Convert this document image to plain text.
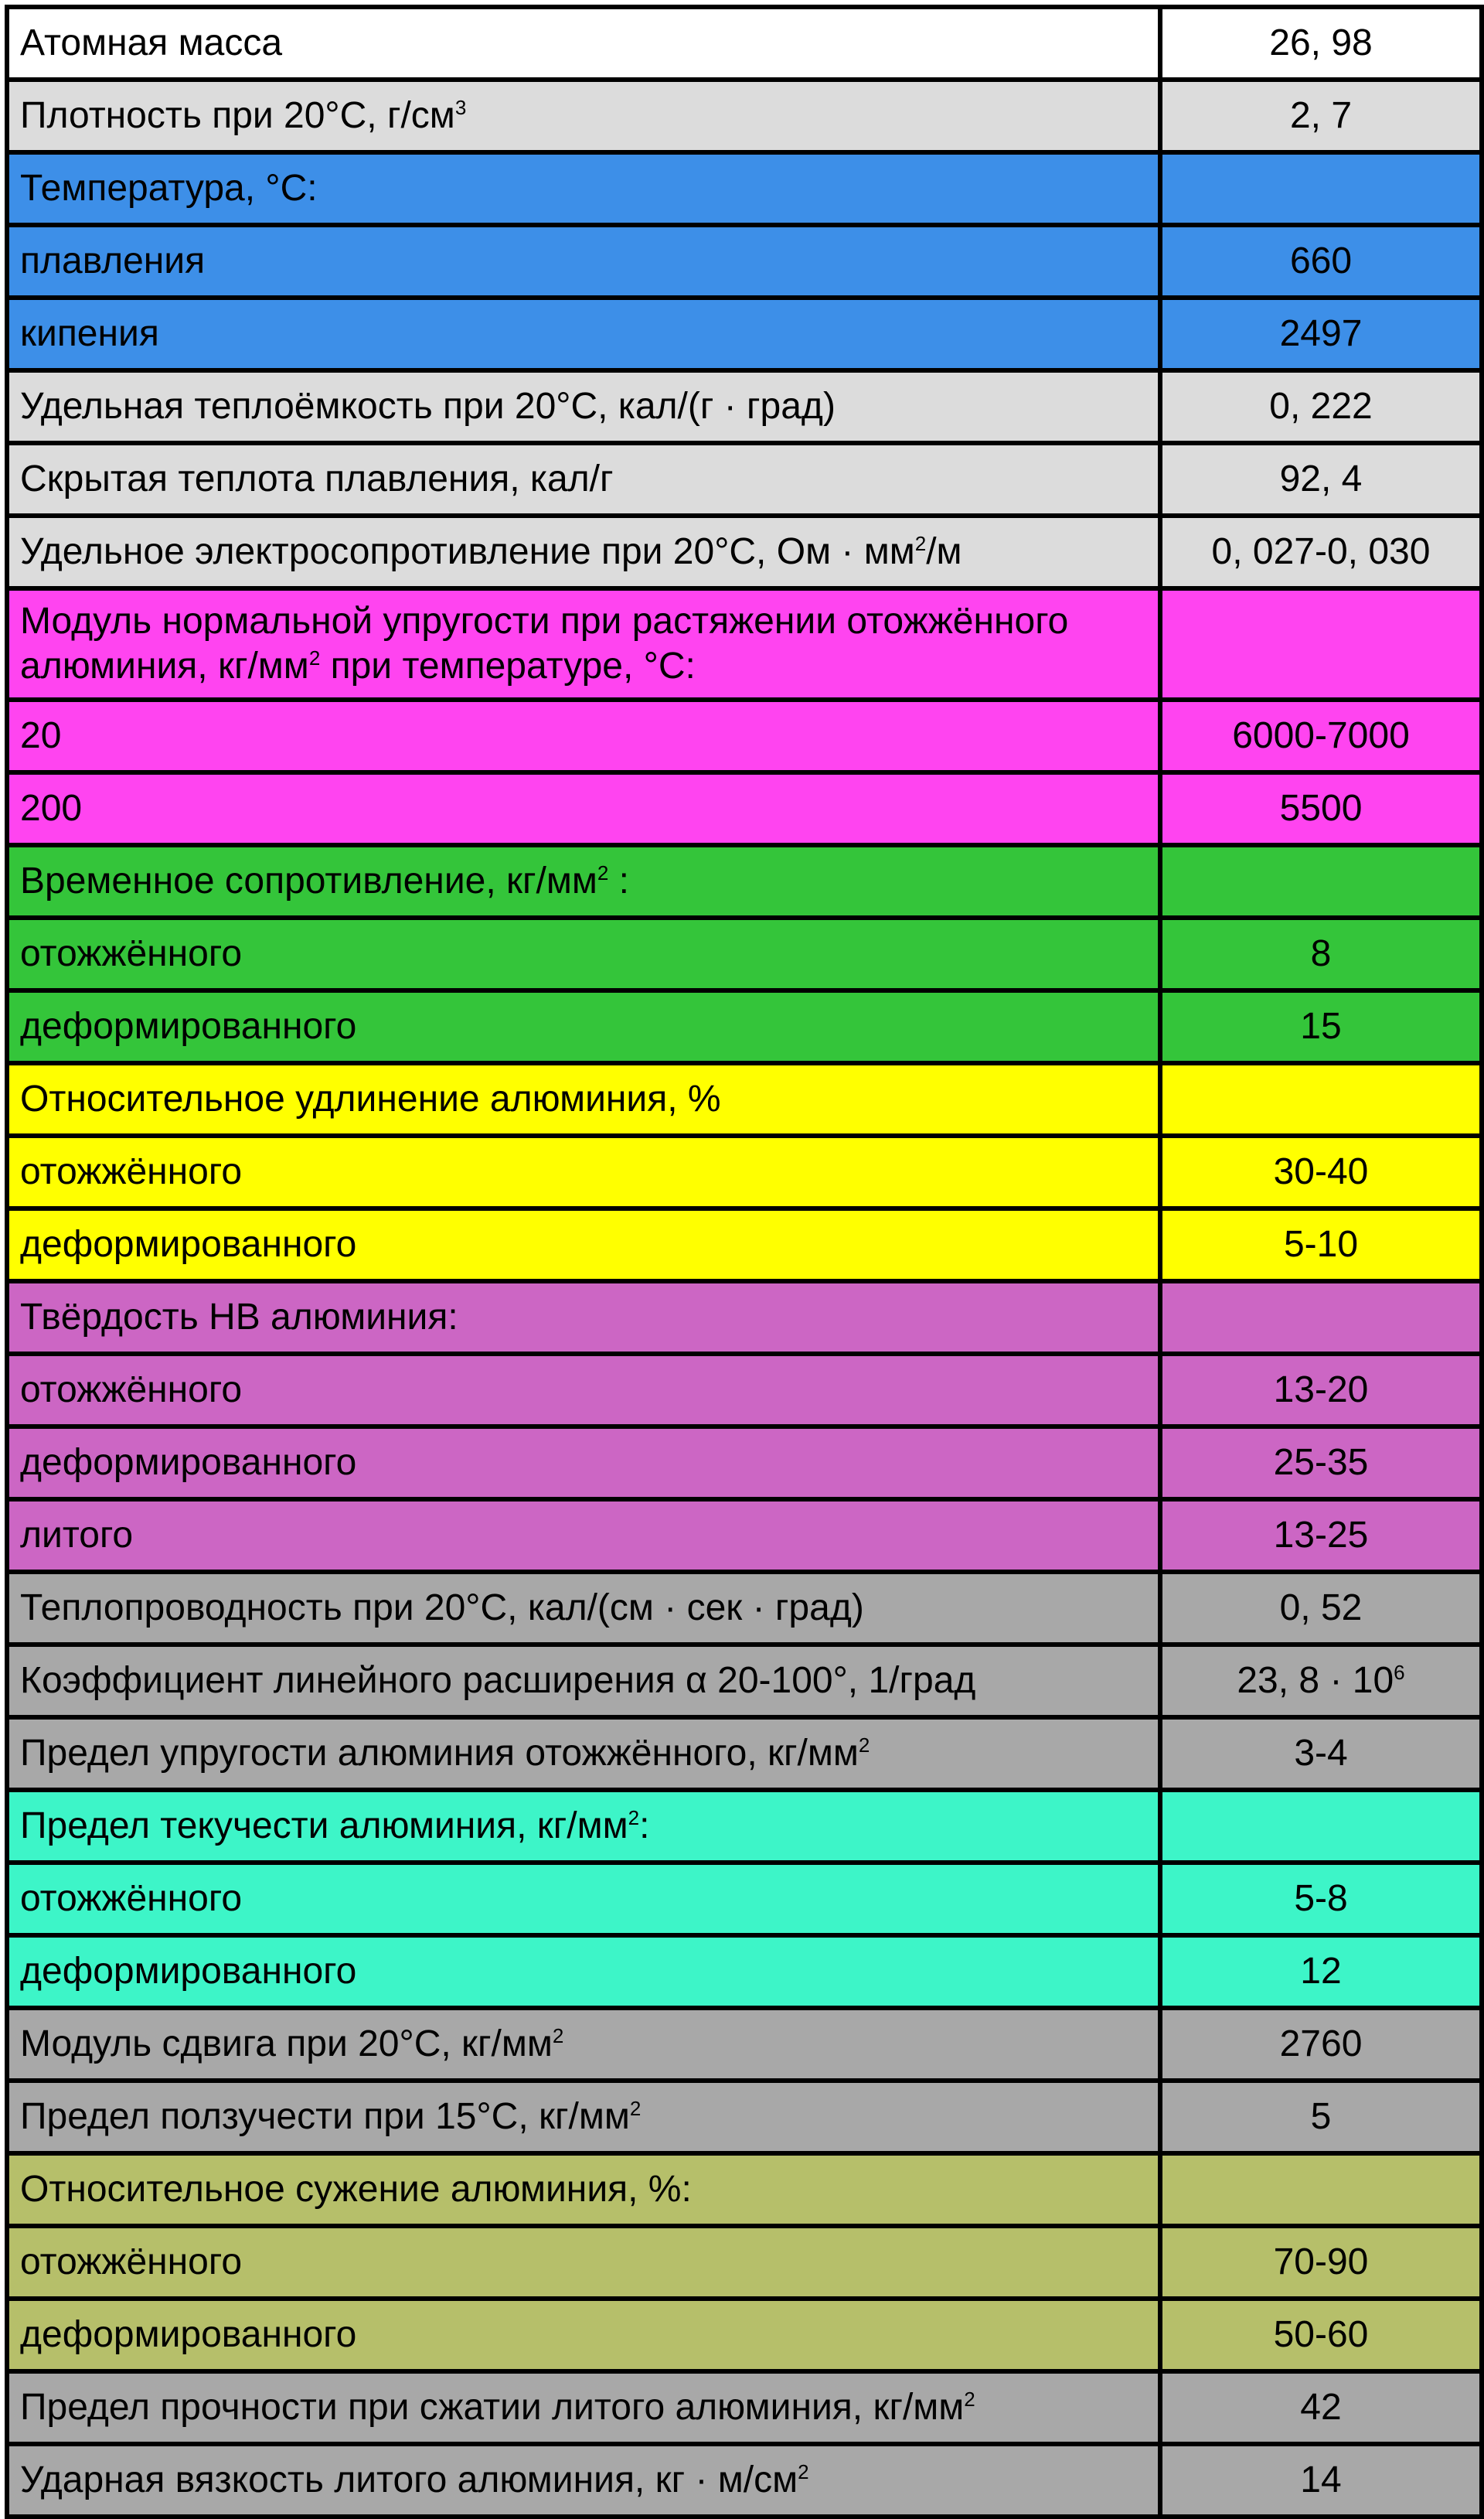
Атомная масса	26, 98
Плотность при 20°C, $г/см^3$	2, 7
Температура, °C:	
плавления	660
кипения	2497
Удельная теплоёмкость при 20°C, кал/(г · град)	0, 222
Скрытая теплота плавления, кал/г	92, 4
Удельное электросопротивление при 20°C, Ом · $мм^2/м$	0, 027-0, 030
Модуль нормальной упругости при растяжении отожжённого алюминия, $кг/мм^2$ при температуре, °C:	
20	6000-7000
200	5500
Временное сопротивление, $кг/мм^2$ :	
отожжённого	8
деформированного	15
Относительное удлинение алюминия, %	
отожжённого	30-40
деформированного	5-10
Твёрдость HB алюминия:	
отожжённого	13-20
деформированного	25-35
литого	13-25
Теплопроводность при 20°C, кал/(см · сек · град)	0, 52
Коэффициент линейного расширения α 20-100°, 1/град	23, $8 \cdot 10^6$
Предел упругости алюминия отожжённого, $кг/мм^2$	3-4
Предел текучести алюминия, $кг/мм^2$:	
отожжённого	5-8
деформированного	12
Модуль сдвига при 20°C, $кг/мм^2$	2760
Предел ползучести при 15°C, $кг/мм^2$	5
Относительное сужение алюминия, %:	
отожжённого	70-90
деформированного	50-60
Предел прочности при сжатии литого алюминия, $кг/мм^2$	42
Ударная вязкость литого алюминия, кг · $м/см^2$	14
